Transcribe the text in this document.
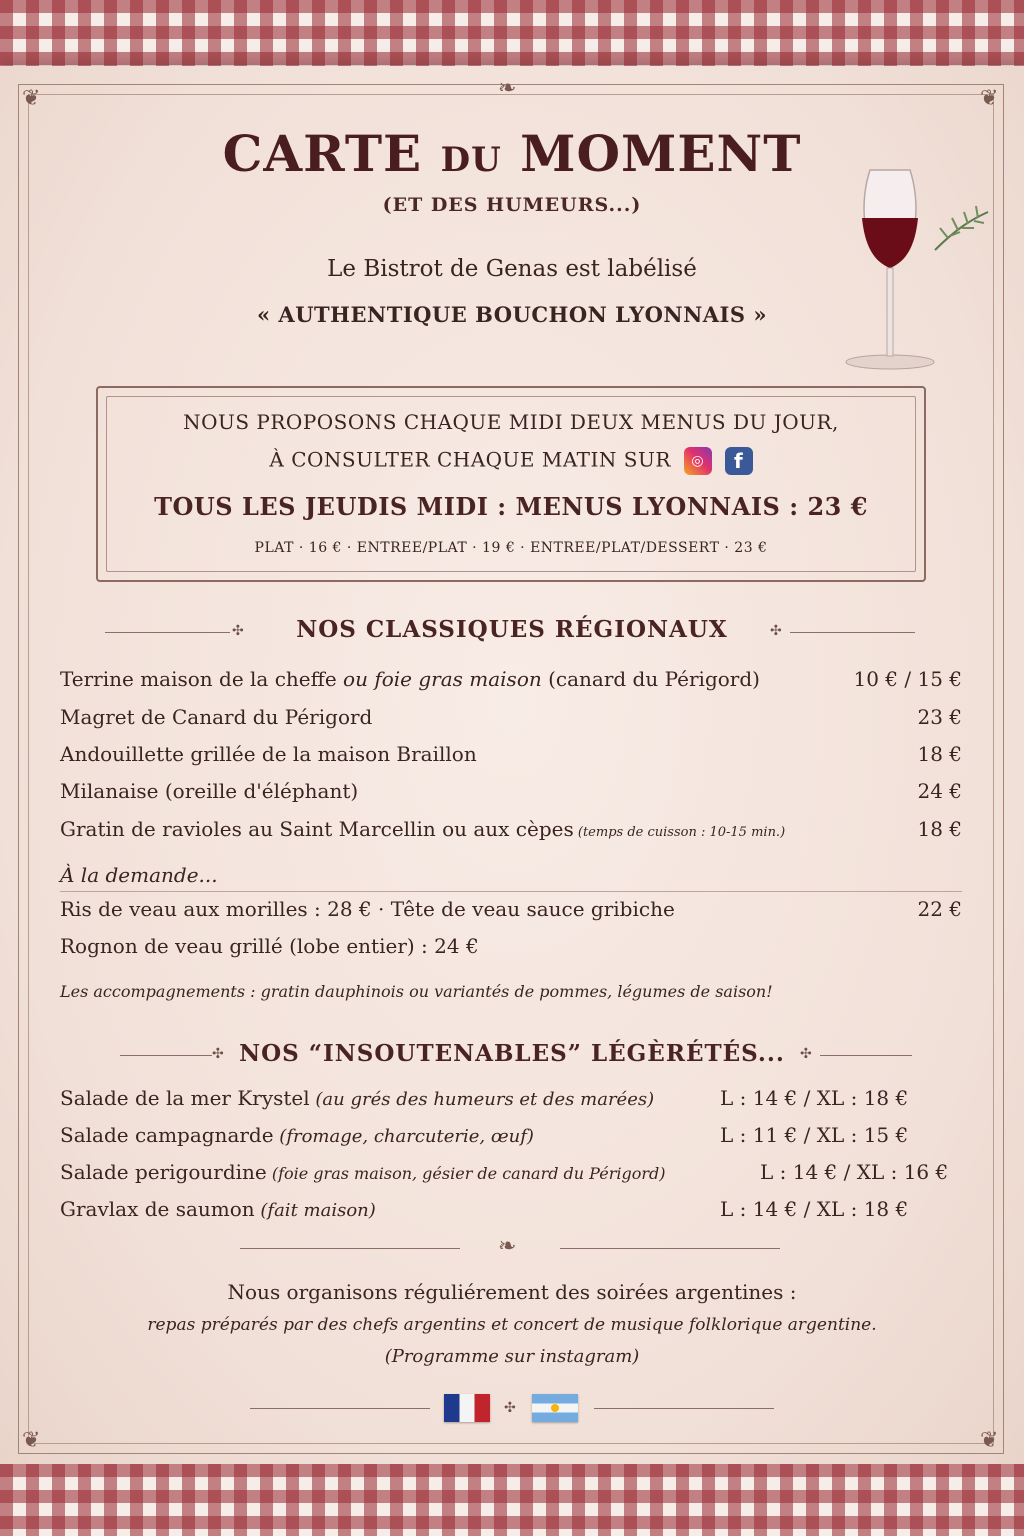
❦	❦
❦	❦
❧
CARTE DU MOMENT
(ET DES HUMEURS...)
Le Bistrot de Genas est labélisé
« AUTHENTIQUE BOUCHON LYONNAIS »
NOUS PROPOSONS CHAQUE MIDI DEUX MENUS DU JOUR,
À CONSULTER CHAQUE MATIN SUR ◎ f
TOUS LES JEUDIS MIDI : MENUS LYONNAIS : 23 €
PLAT · 16 € · ENTREE/PLAT · 19 € · ENTREE/PLAT/DESSERT · 23 €
✣	NOS CLASSIQUES RÉGIONAUX	✣
Terrine maison de la cheffe ou foie gras maison (canard du Périgord)	10 € / 15 €
Magret de Canard du Périgord	23 €
Andouillette grillée de la maison Braillon	18 €
Milanaise (oreille d'éléphant)	24 €
Gratin de ravioles au Saint Marcellin ou aux cèpes (temps de cuisson : 10-15 min.)	18 €
À la demande...
Ris de veau aux morilles : 28 € · Tête de veau sauce gribiche	22 €
Rognon de veau grillé (lobe entier) : 24 €
Les accompagnements : gratin dauphinois ou variantés de pommes, légumes de saison!
✣ NOS “INSOUTENABLES” LÉGÈRÉTÉS...	✣
Salade de la mer Krystel (au grés des humeurs et des marées)	L : 14 € / XL : 18 €
Salade campagnarde (fromage, charcuterie, œuf)	L : 11 € / XL : 15 €
Salade perigourdine (foie gras maison, gésier de canard du Périgord)	L : 14 € / XL : 16 €
Gravlax de saumon (fait maison)	L : 14 € / XL : 18 €
❧
Nous organisons réguliérement des soirées argentines :
repas préparés par des chefs argentins et concert de musique folklorique argentine.
(Programme sur instagram)
✣
